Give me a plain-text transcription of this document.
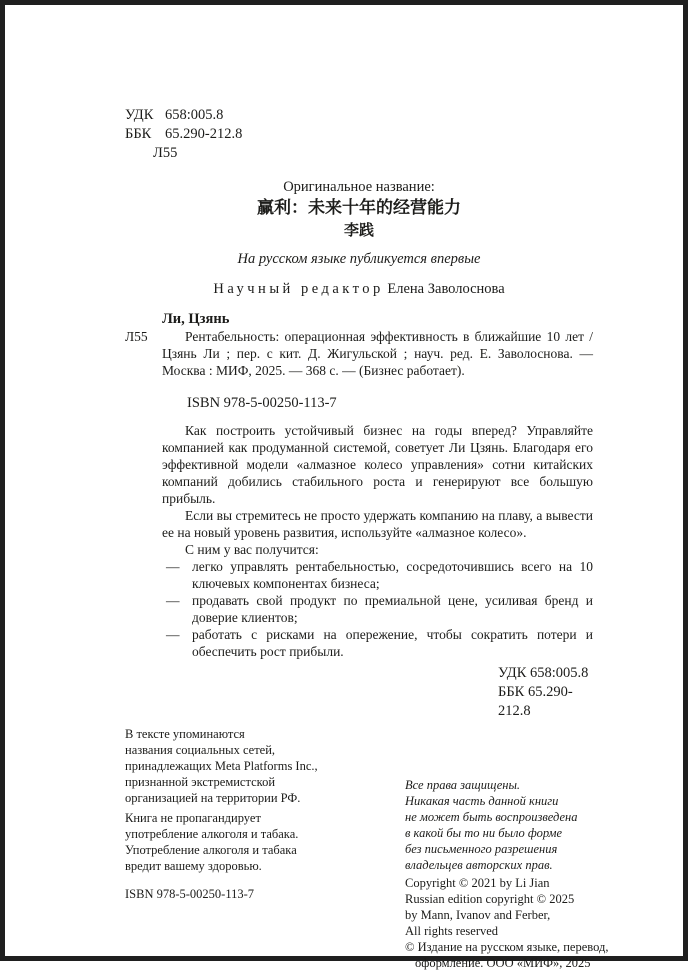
УДК 658:005.8
ББК 65.290-212.8
Л55
Оригинальное название:
赢利：未来十年的经营能力
李践
На русском языке публикуется впервые
Научный редактор Елена Заволоснова
Ли, Цзянь
Л55	Рентабельность: операционная эффективность в ближайшие 10 лет / Цзянь Ли ; пер. с кит. Д. Жигульской ; науч. ред. Е. Заволоснова. — Москва : МИФ, 2025. — 368 с. — (Бизнес работает).

ISBN 978-5-00250-113-7

Как построить устойчивый бизнес на годы вперед? Управляйте компанией как продуманной системой, советует Ли Цзянь. Благодаря его эффективной модели «алмазное колесо управления» сотни китайских компаний добились стабильного роста и генерируют все большую прибыль.

Если вы стремитесь не просто удержать компанию на плаву, а вывести ее на новый уровень развития, используйте «алмазное колесо».

С ним у вас получится:

— легко управлять рентабельностью, сосредоточившись всего на 10 ключевых компонентах бизнеса;
— продавать свой продукт по премиальной цене, усиливая бренд и доверие клиентов;
— работать с рисками на опережение, чтобы сократить потери и обеспечить рост прибыли.
УДК 658:005.8
ББК 65.290-212.8
В тексте упоминаются
названия социальных сетей,
принадлежащих Meta Platforms Inc.,
признанной экстремистской
организацией на территории РФ.
Книга не пропагандирует
употребление алкоголя и табака.
Употребление алкоголя и табака
вредит вашему здоровью.
ISBN 978-5-00250-113-7
Все права защищены.
Никакая часть данной книги
не может быть воспроизведена
в какой бы то ни было форме
без письменного разрешения
владельцев авторских прав.
Copyright © 2021 by Li Jian
Russian edition copyright © 2025
by Mann, Ivanov and Ferber,
All rights reserved
© Издание на русском языке, перевод,
оформление. ООО «МИФ», 2025
